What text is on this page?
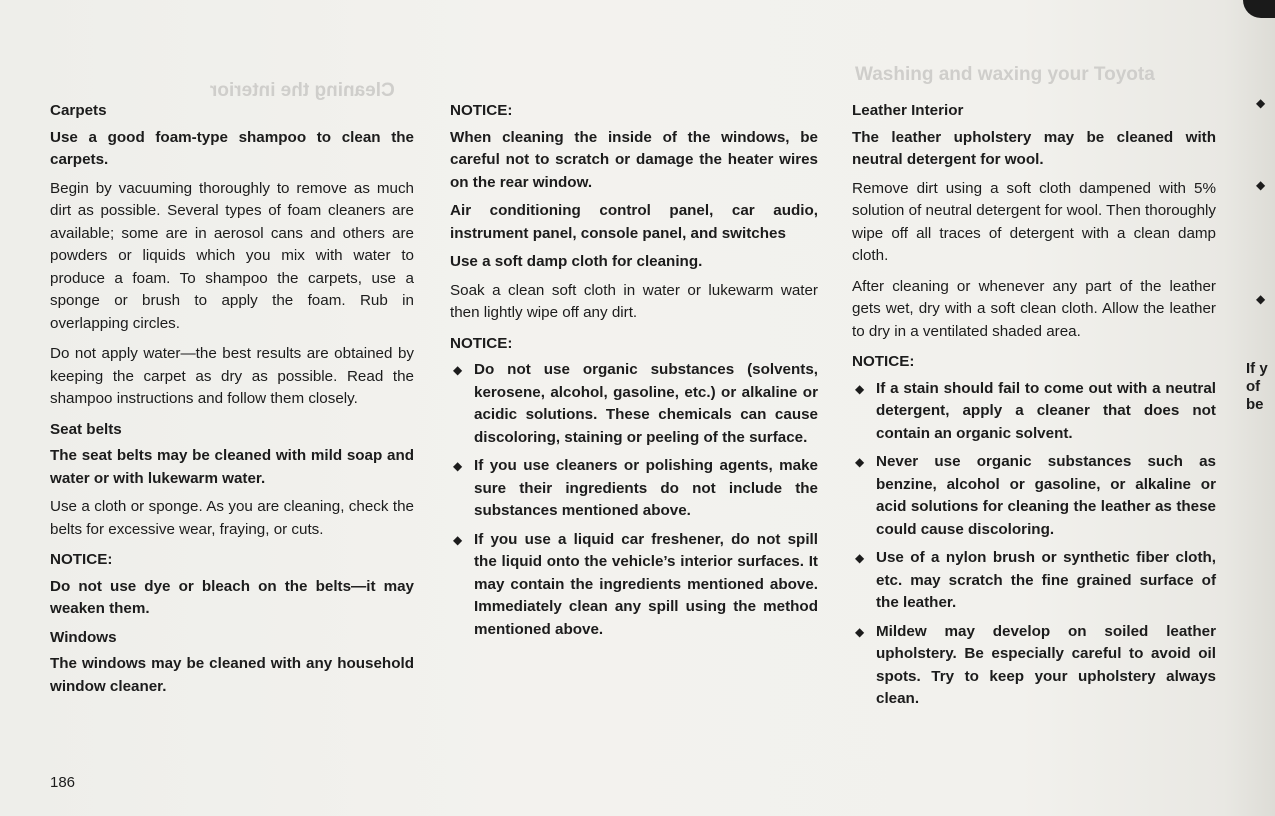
Cleaning the interior
Washing and waxing your Toyota
Carpets
Use a good foam-type shampoo to clean the carpets.
Begin by vacuuming thoroughly to remove as much dirt as possible. Several types of foam cleaners are available; some are in aerosol cans and others are powders or liquids which you mix with water to produce a foam. To shampoo the carpets, use a sponge or brush to apply the foam. Rub in overlapping circles.
Do not apply water—the best results are obtained by keeping the carpet as dry as possible. Read the shampoo instructions and follow them closely.
Seat belts
The seat belts may be cleaned with mild soap and water or with lukewarm water.
Use a cloth or sponge. As you are cleaning, check the belts for excessive wear, fraying, or cuts.
NOTICE:
Do not use dye or bleach on the belts—it may weaken them.
Windows
The windows may be cleaned with any household window cleaner.
NOTICE:
When cleaning the inside of the windows, be careful not to scratch or damage the heater wires on the rear window.
Air conditioning control panel, car audio, instrument panel, console panel, and switches
Use a soft damp cloth for cleaning.
Soak a clean soft cloth in water or lukewarm water then lightly wipe off any dirt.
NOTICE:
◆ Do not use organic substances (solvents, kerosene, alcohol, gasoline, etc.) or alkaline or acidic solutions. These chemicals can cause discoloring, staining or peeling of the surface.
◆ If you use cleaners or polishing agents, make sure their ingredients do not include the substances mentioned above.
◆ If you use a liquid car freshener, do not spill the liquid onto the vehicle’s interior surfaces. It may contain the ingredients mentioned above. Immediately clean any spill using the method mentioned above.
Leather Interior
The leather upholstery may be cleaned with neutral detergent for wool.
Remove dirt using a soft cloth dampened with 5% solution of neutral detergent for wool. Then thoroughly wipe off all traces of detergent with a clean damp cloth.
After cleaning or whenever any part of the leather gets wet, dry with a soft clean cloth. Allow the leather to dry in a ventilated shaded area.
NOTICE:
◆ If a stain should fail to come out with a neutral detergent, apply a cleaner that does not contain an organic solvent.
◆ Never use organic substances such as benzine, alcohol or gasoline, or alkaline or acid solutions for cleaning the leather as these could cause discoloring.
◆ Use of a nylon brush or synthetic fiber cloth, etc. may scratch the fine grained surface of the leather.
◆ Mildew may develop on soiled leather upholstery. Be especially careful to avoid oil spots. Try to keep your upholstery always clean.
◆
◆
◆
If y
of
be
186
